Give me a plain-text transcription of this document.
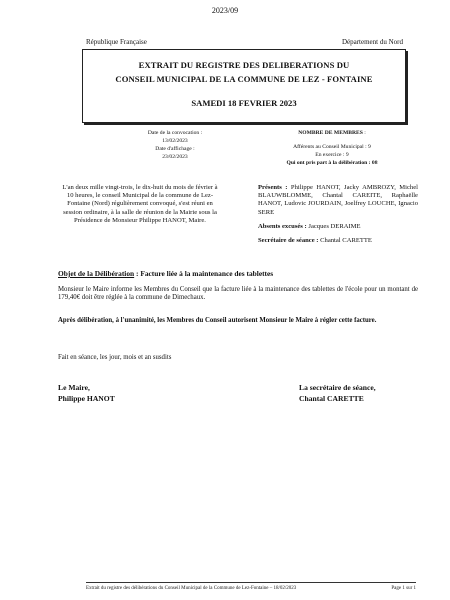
2023/09
République Française	Département du Nord
EXTRAIT DU REGISTRE DES DELIBERATIONS DU
CONSEIL MUNICIPAL DE LA COMMUNE DE LEZ - FONTAINE
SAMEDI 18 FEVRIER 2023
Date de la convocation :
13/02/2023
Date d'affichage :
23/02/2023
NOMBRE DE MEMBRES :
Afférents au Conseil Municipal : 9
En exercice : 9
Qui ont pris part à la délibération : 08
L'an deux mille vingt-trois, le dix-huit du mois de février à 10 heures, le conseil Municipal de la commune de Lez-Fontaine (Nord) régulièrement convoqué, s'est réuni en session ordinaire, à la salle de réunion de la Mairie sous la Présidence de Monsieur Philippe HANOT, Maire.
Présents : Philippe HANOT, Jacky AMBROZY, Michel BLAUWBLOMME, Chantal CAREITE, Raphaëlle HANOT, Ludovic JOURDAIN, Joelfrey LOUCHE, Ignacio SERE
Absents excusés : Jacques DERAIME
Secrétaire de séance : Chantal CARETTE
Objet de la Délibération : Facture liée à la maintenance des tablettes
Monsieur le Maire informe les Membres du Conseil que la facture liée à la maintenance des tablettes de l'école pour un montant de 179,40€ doit être réglée à la commune de Dimechaux.
Après délibération, à l'unanimité, les Membres du Conseil autorisent Monsieur le Maire à régler cette facture.
Fait en séance, les jour, mois et an susdits
Le Maire,
Philippe HANOT
La secrétaire de séance,
Chantal CARETTE
Extrait du registre des délibérations du Conseil Municipal de la Commune de Lez-Fontaine – 18/02/2023	Page 1 sur 1
